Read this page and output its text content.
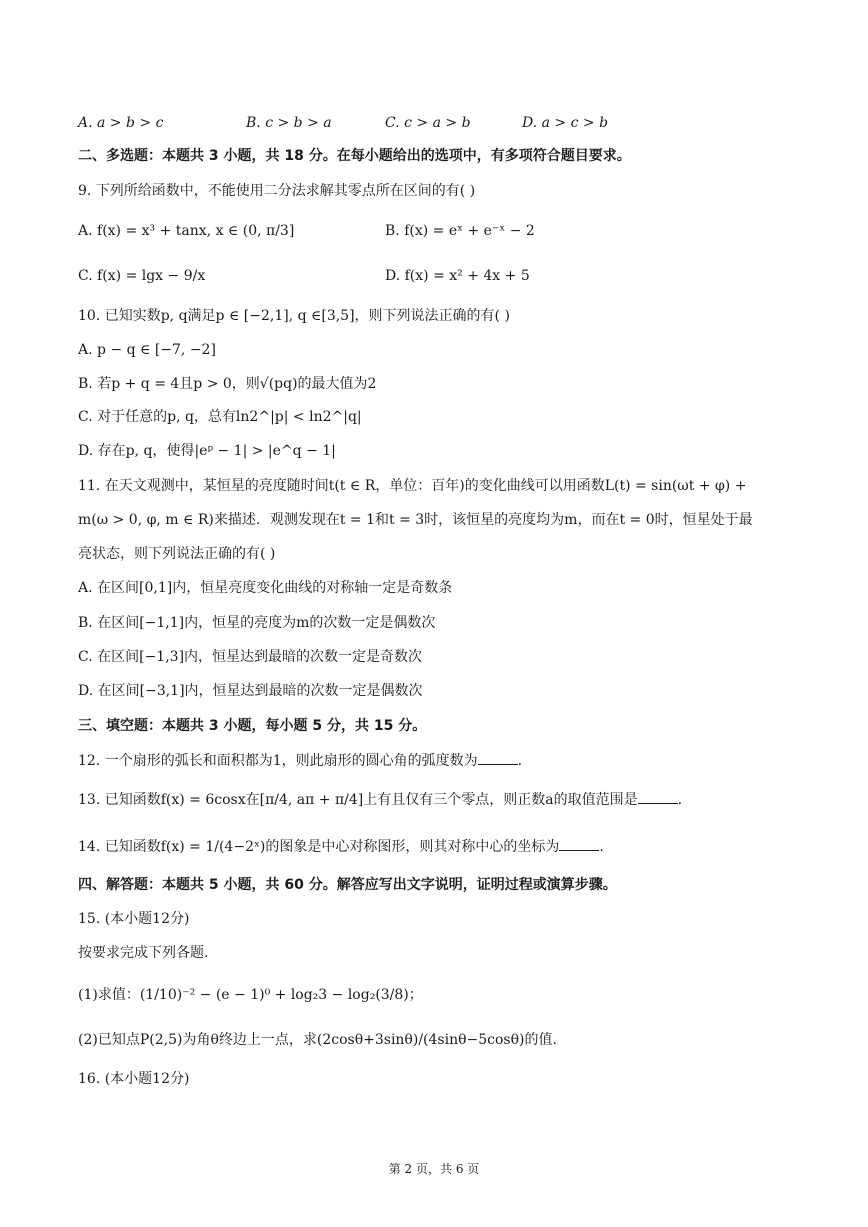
A. a > b > c	B. c > b > a	C. c > a > b	D. a > c > b
二、多选题：本题共 3 小题，共 18 分。在每小题给出的选项中，有多项符合题目要求。
9. 下列所给函数中，不能使用二分法求解其零点所在区间的有( )
A. f(x) = x³ + tanx, x ∈ (0, π/3]	B. f(x) = eˣ + e⁻ˣ − 2
C. f(x) = lgx − 9/x	D. f(x) = x² + 4x + 5
10. 已知实数p, q满足p ∈ [−2,1], q ∈[3,5]，则下列说法正确的有( )
A. p − q ∈ [−7, −2]
B. 若p + q = 4且p > 0，则√(pq)的最大值为2
C. 对于任意的p, q，总有ln2^|p| < ln2^|q|
D. 存在p, q，使得|eᵖ − 1| > |e^q − 1|
11. 在天文观测中，某恒星的亮度随时间t(t ∈ R，单位：百年)的变化曲线可以用函数L(t) = sin(ωt + φ) +
m(ω > 0, φ, m ∈ R)来描述．观测发现在t = 1和t = 3时，该恒星的亮度均为m，而在t = 0时，恒星处于最
亮状态，则下列说法正确的有( )
A. 在区间[0,1]内，恒星亮度变化曲线的对称轴一定是奇数条
B. 在区间[−1,1]内，恒星的亮度为m的次数一定是偶数次
C. 在区间[−1,3]内，恒星达到最暗的次数一定是奇数次
D. 在区间[−3,1]内，恒星达到最暗的次数一定是偶数次
三、填空题：本题共 3 小题，每小题 5 分，共 15 分。
12. 一个扇形的弧长和面积都为1，则此扇形的圆心角的弧度数为	.
13. 已知函数f(x) = 6cosx在[π/4, aπ + π/4]上有且仅有三个零点，则正数a的取值范围是	.
14. 已知函数f(x) = 1/(4−2ˣ)的图象是中心对称图形，则其对称中心的坐标为	.
四、解答题：本题共 5 小题，共 60 分。解答应写出文字说明，证明过程或演算步骤。
15. (本小题12分)
按要求完成下列各题.
(1)求值：(1/10)⁻² − (e − 1)⁰ + log₂3 − log₂(3/8)；
(2)已知点P(2,5)为角θ终边上一点，求(2cosθ+3sinθ)/(4sinθ−5cosθ)的值.
16. (本小题12分)
第 2 页，共 6 页
